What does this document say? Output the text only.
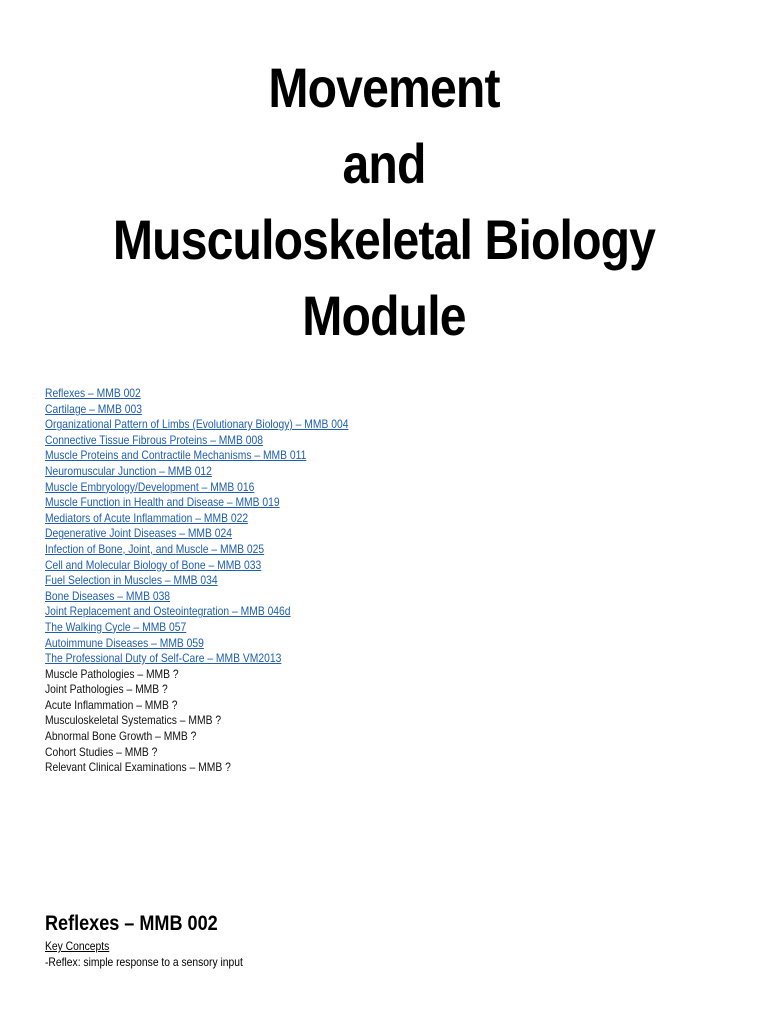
Movement
and
Musculoskeletal Biology
Module
Reflexes – MMB 002
Cartilage – MMB 003
Organizational Pattern of Limbs (Evolutionary Biology) – MMB 004
Connective Tissue Fibrous Proteins – MMB 008
Muscle Proteins and Contractile Mechanisms – MMB 011
Neuromuscular Junction – MMB 012
Muscle Embryology/Development – MMB 016
Muscle Function in Health and Disease – MMB 019
Mediators of Acute Inflammation – MMB 022
Degenerative Joint Diseases – MMB 024
Infection of Bone, Joint, and Muscle – MMB 025
Cell and Molecular Biology of Bone – MMB 033
Fuel Selection in Muscles – MMB 034
Bone Diseases – MMB 038
Joint Replacement and Osteointegration – MMB 046d
The Walking Cycle – MMB 057
Autoimmune Diseases – MMB 059
The Professional Duty of Self-Care – MMB VM2013
Muscle Pathologies – MMB ?
Joint Pathologies – MMB ?
Acute Inflammation – MMB ?
Musculoskeletal Systematics – MMB ?
Abnormal Bone Growth – MMB ?
Cohort Studies – MMB ?
Relevant Clinical Examinations – MMB ?
Reflexes – MMB 002

Key Concepts

-Reflex: simple response to a sensory input
